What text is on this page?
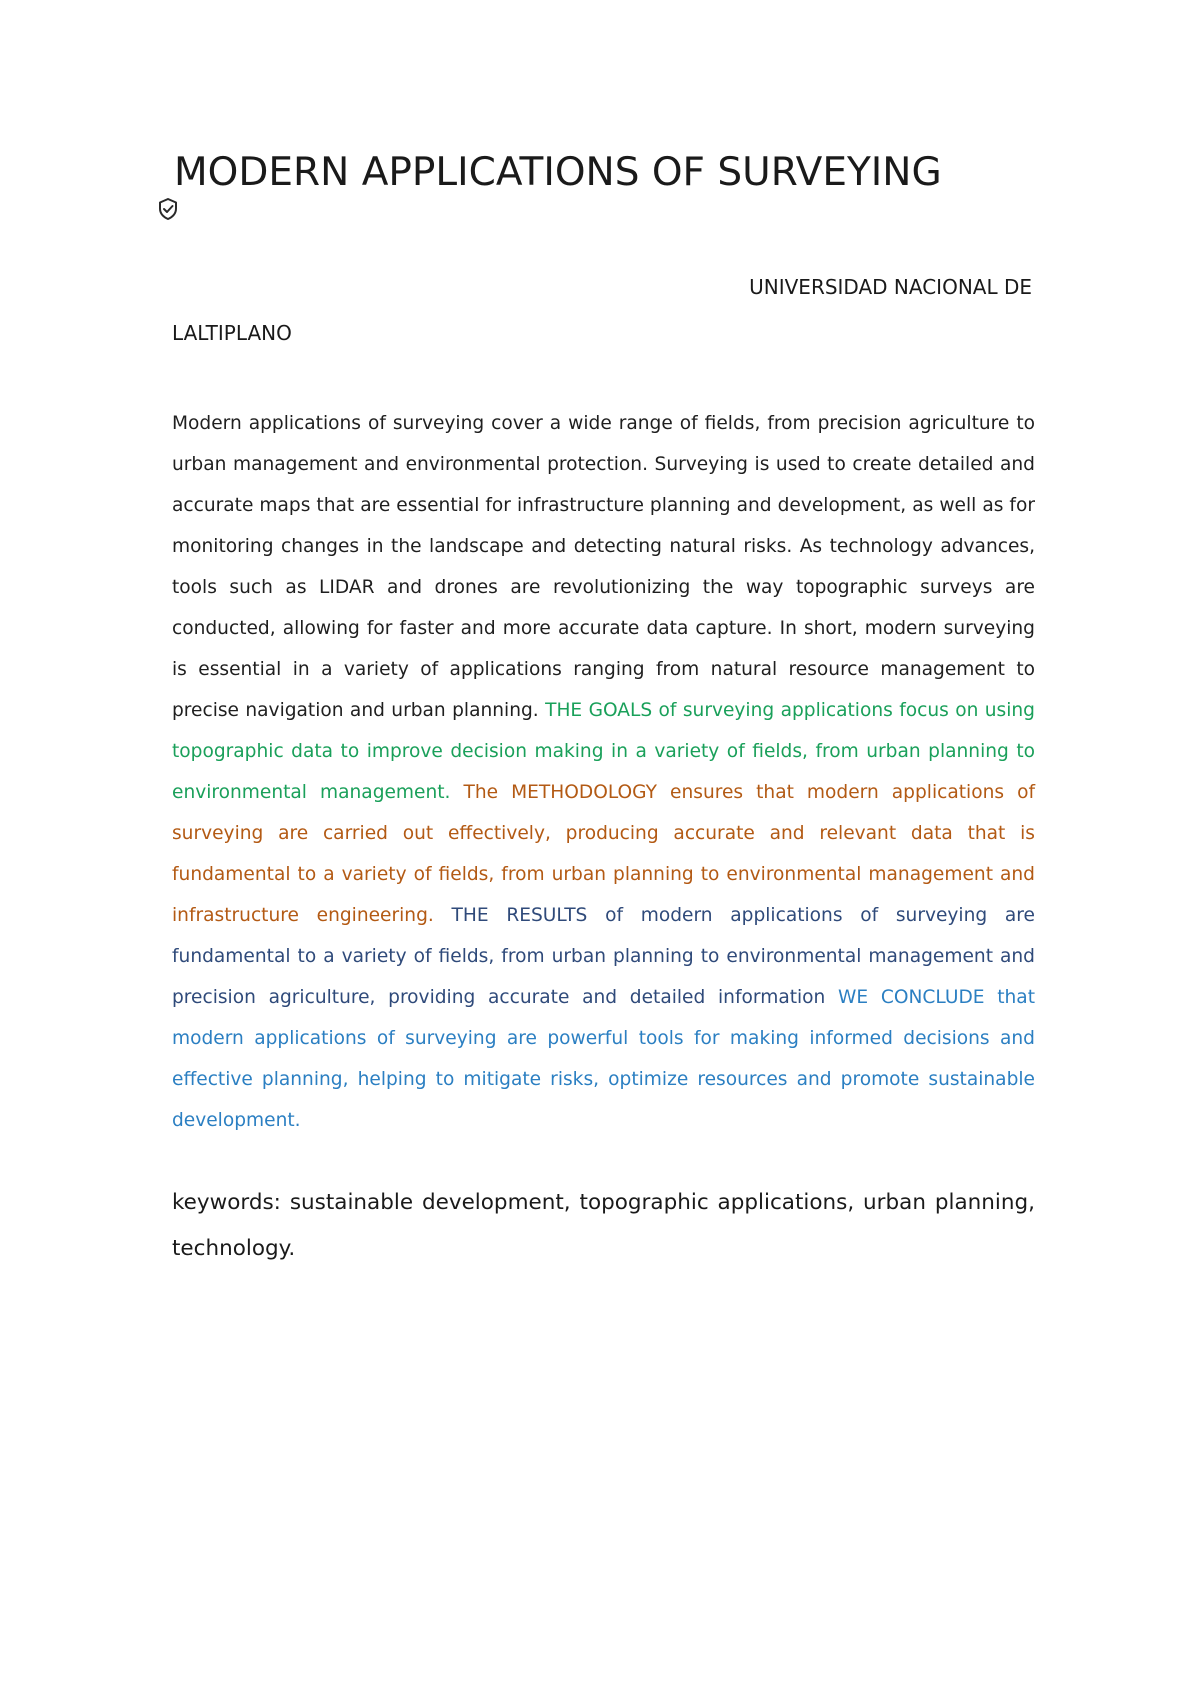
MODERN APPLICATIONS OF SURVEYING
UNIVERSIDAD NACIONAL DE
LALTIPLANO
Modern applications of surveying cover a wide range of fields, from precision agriculture to urban management and environmental protection. Surveying is used to create detailed and accurate maps that are essential for infrastructure planning and development, as well as for monitoring changes in the landscape and detecting natural risks. As technology advances, tools such as LIDAR and drones are revolutionizing the way topographic surveys are conducted, allowing for faster and more accurate data capture. In short, modern surveying is essential in a variety of applications ranging from natural resource management to precise navigation and urban planning. THE GOALS of surveying applications focus on using topographic data to improve decision making in a variety of fields, from urban planning to environmental management. The METHODOLOGY ensures that modern applications of surveying are carried out effectively, producing accurate and relevant data that is fundamental to a variety of fields, from urban planning to environmental management and infrastructure engineering. THE RESULTS of modern applications of surveying are fundamental to a variety of fields, from urban planning to environmental management and precision agriculture, providing accurate and detailed information WE CONCLUDE that modern applications of surveying are powerful tools for making informed decisions and effective planning, helping to mitigate risks, optimize resources and promote sustainable development.
keywords: sustainable development, topographic applications, urban planning, technology.
